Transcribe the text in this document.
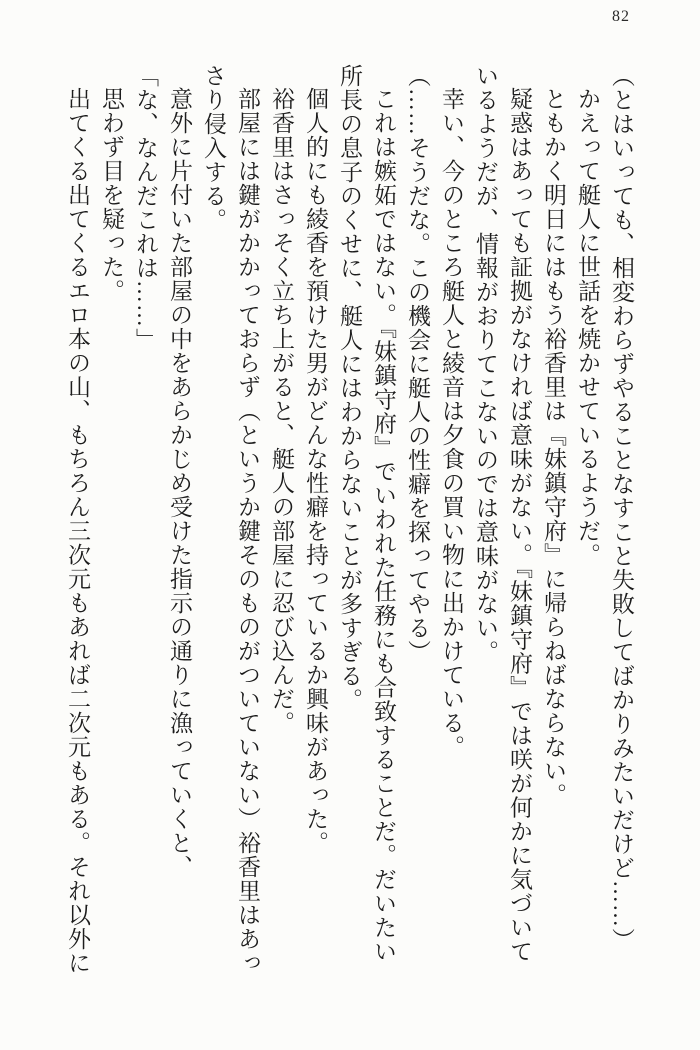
82

（とはいっても、相変わらずやることなすこと失敗してばかりみたいだけど……）

かえって艇人に世話を焼かせているようだ。

ともかく明日にはもう裕香里は『妹鎮守府』に帰らねばならない。

疑惑はあっても証拠がなければ意味がない。『妹鎮守府』では咲が何かに気づいて

いるようだが、情報がおりてこないのでは意味がない。

幸い、今のところ艇人と綾音は夕食の買い物に出かけている。

（……そうだな。この機会に艇人の性癖を探ってやる）

これは嫉妬ではない。『妹鎮守府』でいわれた任務にも合致することだ。だいたい

所長の息子のくせに、艇人にはわからないことが多すぎる。

個人的にも綾香を預けた男がどんな性癖を持っているか興味があった。

裕香里はさっそく立ち上がると、艇人の部屋に忍び込んだ。

部屋には鍵がかかっておらず（というか鍵そのものがついていない）裕香里はあっ

さり侵入する。

意外に片付いた部屋の中をあらかじめ受けた指示の通りに漁っていくと、

「な、なんだこれは……」

思わず目を疑った。

出てくる出てくるエロ本の山、もちろん三次元もあれば二次元もある。それ以外に
